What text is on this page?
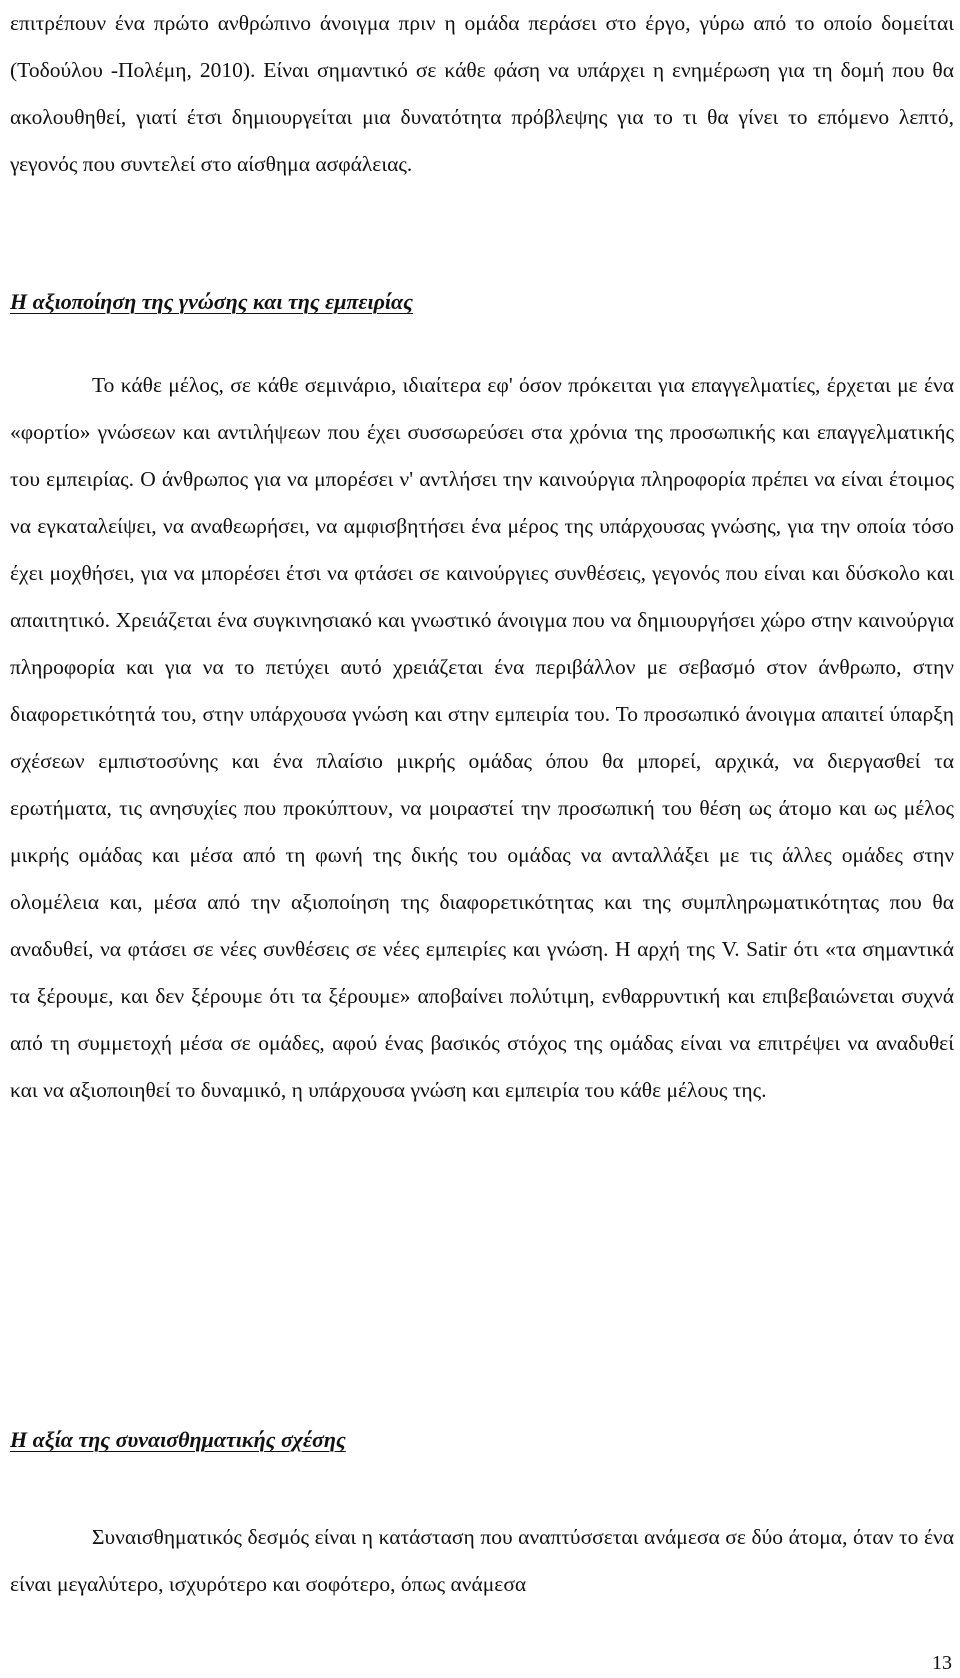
επιτρέπουν ένα πρώτο ανθρώπινο άνοιγμα πριν η ομάδα περάσει στο έργο, γύρω από το οποίο δομείται (Τοδούλου -Πολέμη, 2010). Είναι σημαντικό σε κάθε φάση να υπάρχει η ενημέρωση για τη δομή που θα ακολουθηθεί, γιατί έτσι δημιουργείται μια δυνατότητα πρόβλεψης για το τι θα γίνει το επόμενο λεπτό, γεγονός που συντελεί στο αίσθημα ασφάλειας.

Η αξιοποίηση της γνώσης και της εμπειρίας

Το κάθε μέλος, σε κάθε σεμινάριο, ιδιαίτερα εφ' όσον πρόκειται για επαγγελματίες, έρχεται με ένα «φορτίο» γνώσεων και αντιλήψεων που έχει συσσωρεύσει στα χρόνια της προσωπικής και επαγγελματικής του εμπειρίας. Ο άνθρωπος για να μπορέσει ν' αντλήσει την καινούργια πληροφορία πρέπει να είναι έτοιμος να εγκαταλείψει, να αναθεωρήσει, να αμφισβητήσει ένα μέρος της υπάρχουσας γνώσης, για την οποία τόσο έχει μοχθήσει, για να μπορέσει έτσι να φτάσει σε καινούργιες συνθέσεις, γεγονός που είναι και δύσκολο και απαιτητικό. Χρειάζεται ένα συγκινησιακό και γνωστικό άνοιγμα που να δημιουργήσει χώρο στην καινούργια πληροφορία και για να το πετύχει αυτό χρειάζεται ένα περιβάλλον με σεβασμό στον άνθρωπο, στην διαφορετικότητά του, στην υπάρχουσα γνώση και στην εμπειρία του. Το προσωπικό άνοιγμα απαιτεί ύπαρξη σχέσεων εμπιστοσύνης και ένα πλαίσιο μικρής ομάδας όπου θα μπορεί, αρχικά, να διεργασθεί τα ερωτήματα, τις ανησυχίες που προκύπτουν, να μοιραστεί την προσωπική του θέση ως άτομο και ως μέλος μικρής ομάδας και μέσα από τη φωνή της δικής του ομάδας να ανταλλάξει με τις άλλες ομάδες στην ολομέλεια και, μέσα από την αξιοποίηση της διαφορετικότητας και της συμπληρωματικότητας που θα αναδυθεί, να φτάσει σε νέες συνθέσεις σε νέες εμπειρίες και γνώση. Η αρχή της V. Satir ότι «τα σημαντικά τα ξέρουμε, και δεν ξέρουμε ότι τα ξέρουμε» αποβαίνει πολύτιμη, ενθαρρυντική και επιβεβαιώνεται συχνά από τη συμμετοχή μέσα σε ομάδες, αφού ένας βασικός στόχος της ομάδας είναι να επιτρέψει να αναδυθεί και να αξιοποιηθεί το δυναμικό, η υπάρχουσα γνώση και εμπειρία του κάθε μέλους της.

Η αξία της συναισθηματικής σχέσης

Συναισθηματικός δεσμός είναι η κατάσταση που αναπτύσσεται ανάμεσα σε δύο άτομα, όταν το ένα είναι μεγαλύτερο, ισχυρότερο και σοφότερο, όπως ανάμεσα

13
